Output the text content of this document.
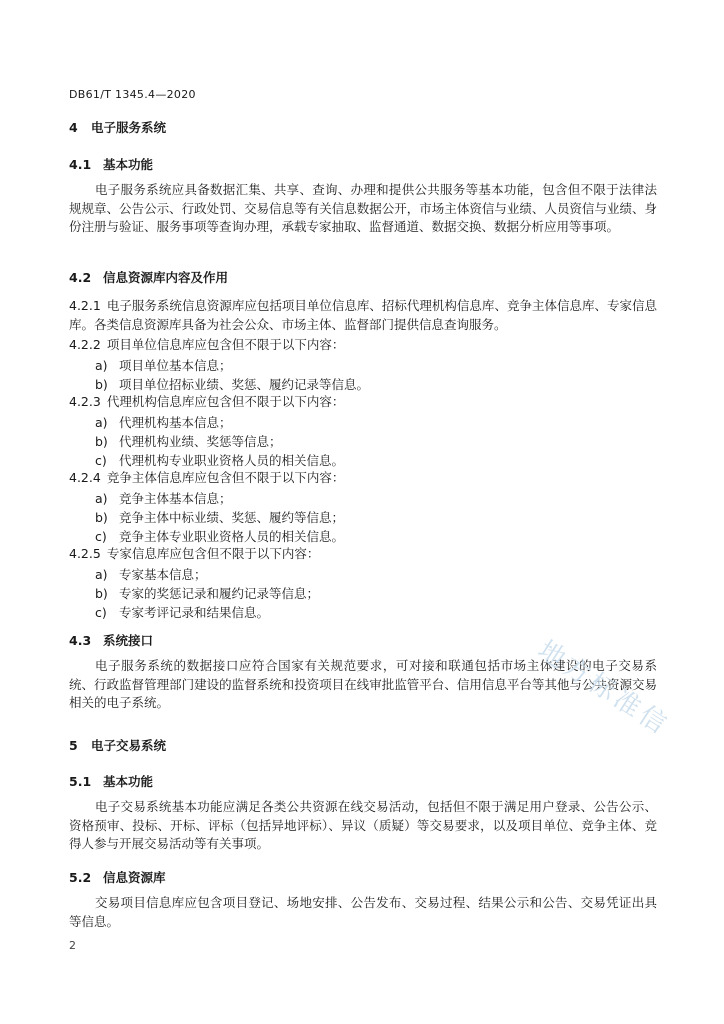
DB61/T 1345.4—2020
4 电子服务系统
4.1 基本功能
电子服务系统应具备数据汇集、共享、查询、办理和提供公共服务等基本功能，包含但不限于法律法规规章、公告公示、行政处罚、交易信息等有关信息数据公开，市场主体资信与业绩、人员资信与业绩、身份注册与验证、服务事项等查询办理，承载专家抽取、监督通道、数据交换、数据分析应用等事项。
4.2 信息资源库内容及作用
4.2.1 电子服务系统信息资源库应包括项目单位信息库、招标代理机构信息库、竞争主体信息库、专家信息库。各类信息资源库具备为社会公众、市场主体、监督部门提供信息查询服务。
4.2.2 项目单位信息库应包含但不限于以下内容：
a) 项目单位基本信息；
b) 项目单位招标业绩、奖惩、履约记录等信息。
4.2.3 代理机构信息库应包含但不限于以下内容：
a) 代理机构基本信息；
b) 代理机构业绩、奖惩等信息；
c) 代理机构专业职业资格人员的相关信息。
4.2.4 竞争主体信息库应包含但不限于以下内容：
a) 竞争主体基本信息；
b) 竞争主体中标业绩、奖惩、履约等信息；
c) 竞争主体专业职业资格人员的相关信息。
4.2.5 专家信息库应包含但不限于以下内容：
a) 专家基本信息；
b) 专家的奖惩记录和履约记录等信息；
c) 专家考评记录和结果信息。
4.3 系统接口
电子服务系统的数据接口应符合国家有关规范要求，可对接和联通包括市场主体建设的电子交易系统、行政监督管理部门建设的监督系统和投资项目在线审批监管平台、信用信息平台等其他与公共资源交易相关的电子系统。
5 电子交易系统
5.1 基本功能
电子交易系统基本功能应满足各类公共资源在线交易活动，包括但不限于满足用户登录、公告公示、资格预审、投标、开标、评标（包括异地评标）、异议（质疑）等交易要求，以及项目单位、竞争主体、竞得人参与开展交易活动等有关事项。
5.2 信息资源库
交易项目信息库应包含项目登记、场地安排、公告发布、交易过程、结果公示和公告、交易凭证出具等信息。
2
地方标准信
